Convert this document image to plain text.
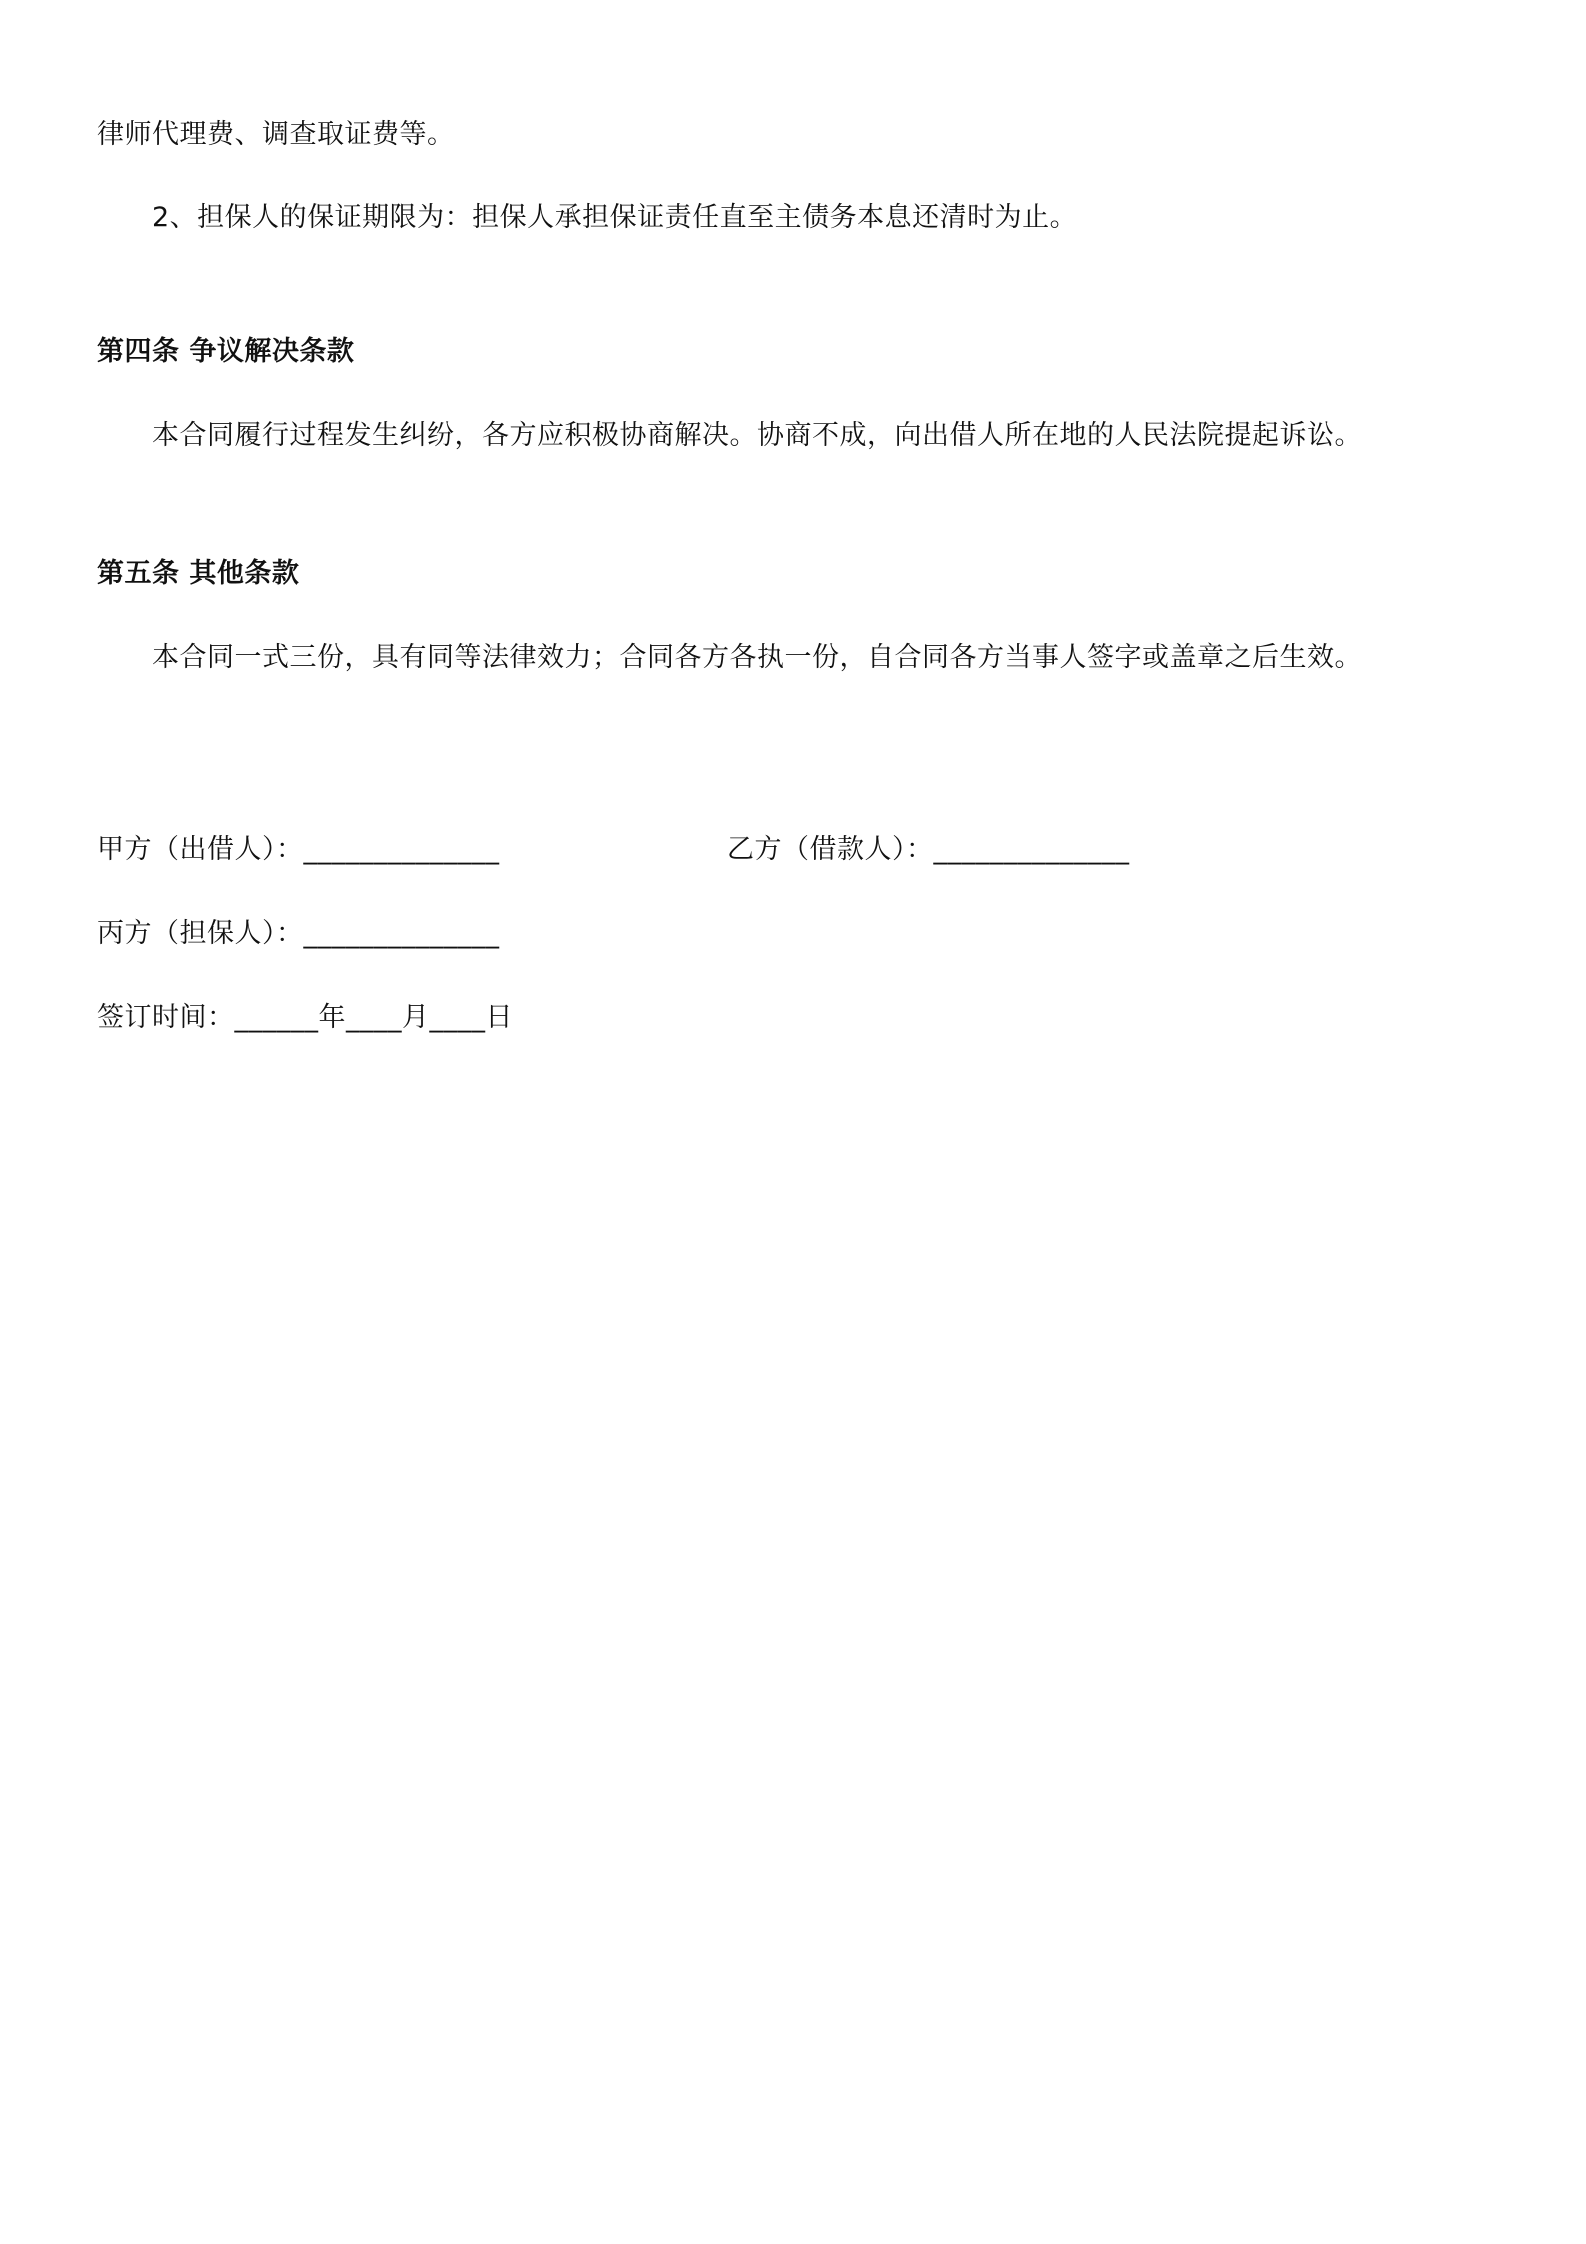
律师代理费、调查取证费等。
2、担保人的保证期限为：担保人承担保证责任直至主债务本息还清时为止。
第四条 争议解决条款
本合同履行过程发生纠纷，各方应积极协商解决。协商不成，向出借人所在地的人民法院提起诉讼。
第五条 其他条款
本合同一式三份，具有同等法律效力；合同各方各执一份，自合同各方当事人签字或盖章之后生效。
甲方（出借人）：______________	乙方（借款人）：______________
丙方（担保人）：______________
签订时间：______年____月____日
